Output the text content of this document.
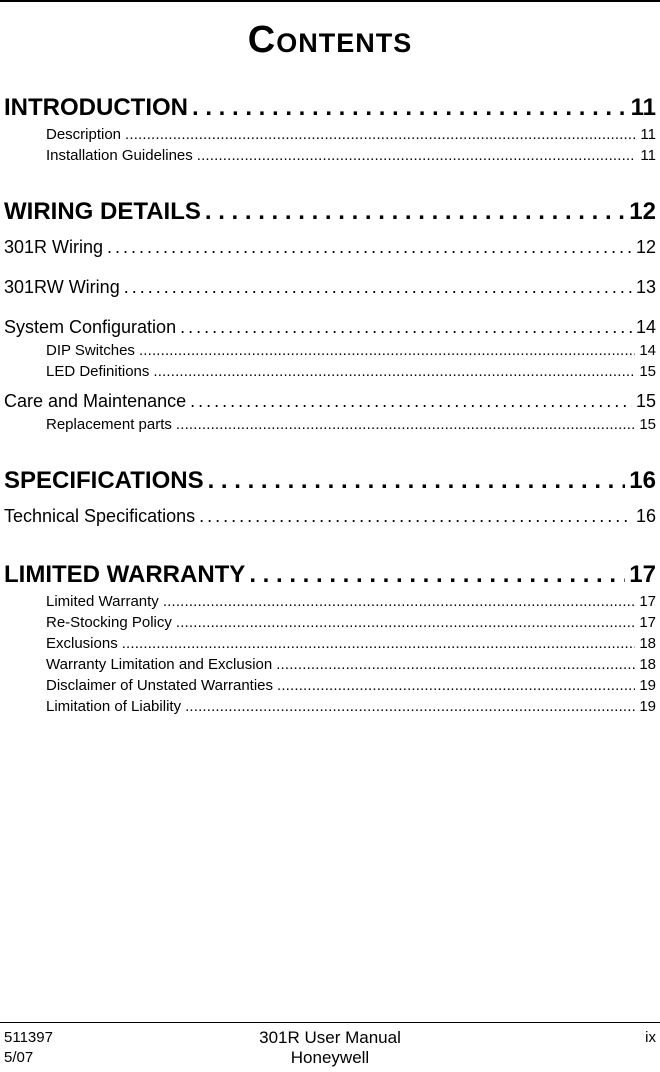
Contents
INTRODUCTION . . .	11
Description . . .	11
Installation Guidelines . . .	11
WIRING DETAILS . . .	12
301R Wiring . . .	12
301RW Wiring . . .	13
System Configuration . . .	14
DIP Switches . . .	14
LED Definitions . . .	15
Care and Maintenance . . .	15
Replacement parts . . .	15
SPECIFICATIONS . . .	16
Technical Specifications . . .	16
LIMITED WARRANTY . . .	17
Limited Warranty . . .	17
Re-Stocking Policy . . .	17
Exclusions . . .	18
Warranty Limitation and Exclusion . . .	18
Disclaimer of Unstated Warranties . . .	19
Limitation of Liability . . .	19
301R User Manual
511397	ix
Honeywell
5/07
